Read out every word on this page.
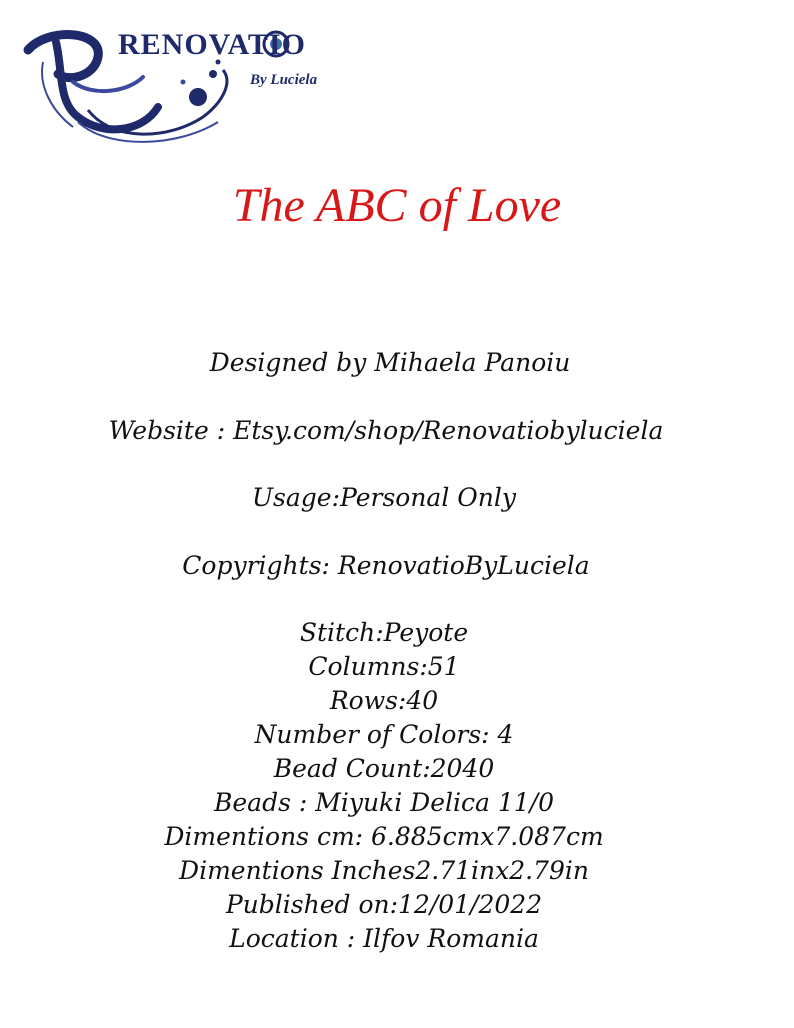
RENOVATIO
By Luciela
The ABC of Love

Designed by Mihaela Panoiu

Website : Etsy.com/shop/Renovatiobyluciela

Usage:Personal Only

Copyrights: RenovatioByLuciela

Stitch:Peyote
Columns:51
Rows:40
Number of Colors: 4
Bead Count:2040
Beads : Miyuki Delica 11/0
Dimentions cm: 6.885cmx7.087cm
Dimentions Inches2.71inx2.79in
Published on:12/01/2022
Location : Ilfov Romania
